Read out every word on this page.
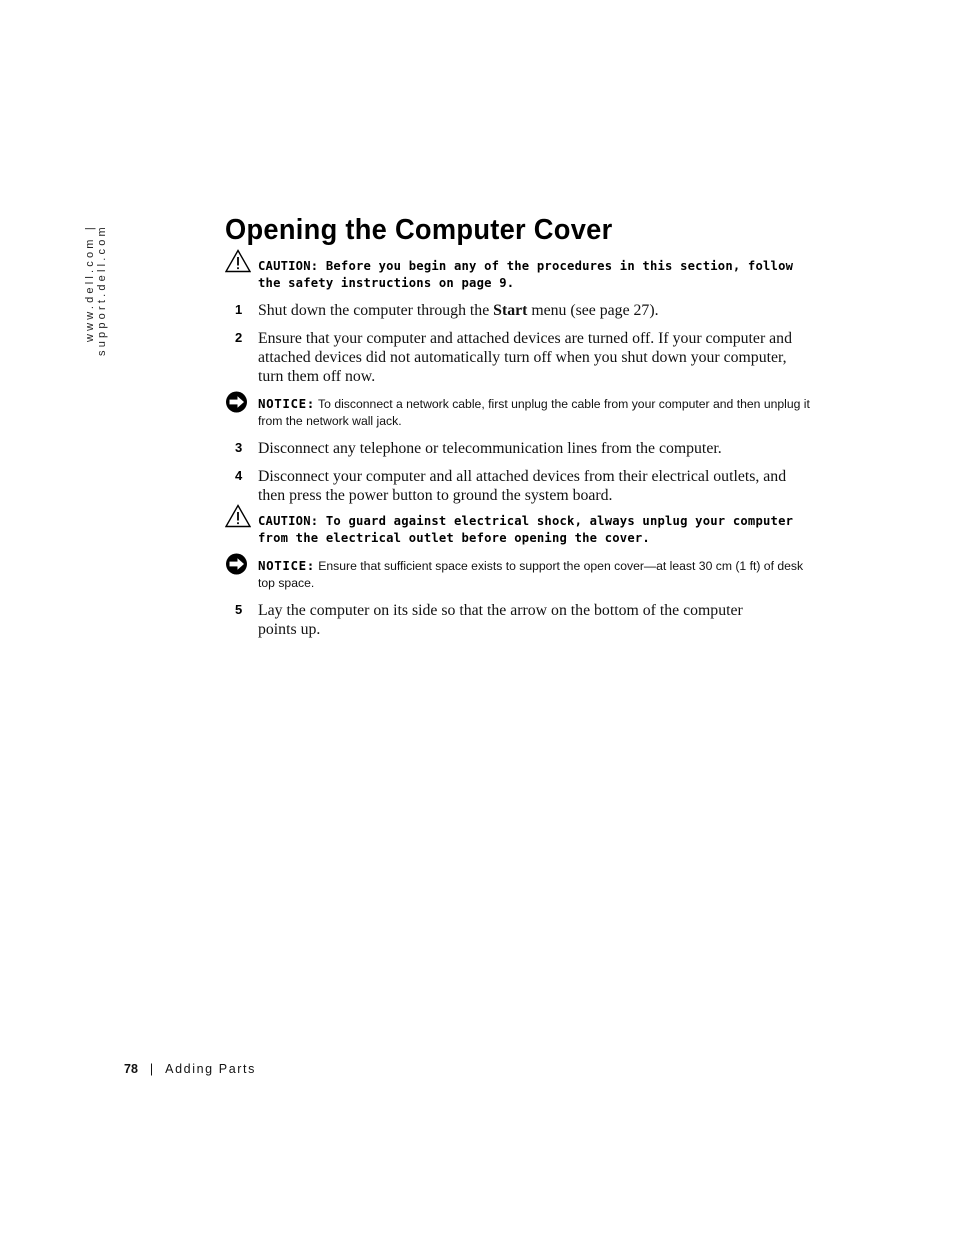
www.dell.com | support.dell.com	Opening the Computer Cover
CAUTION: Before you begin any of the procedures in this section, follow the safety instructions on page 9.
1 Shut down the computer through the Start menu (see page 27).
2 Ensure that your computer and attached devices are turned off. If your computer and attached devices did not automatically turn off when you shut down your computer, turn them off now.
NOTICE: To disconnect a network cable, first unplug the cable from your computer and then unplug it from the network wall jack.
3 Disconnect any telephone or telecommunication lines from the computer.
4 Disconnect your computer and all attached devices from their electrical outlets, and then press the power button to ground the system board.
CAUTION: To guard against electrical shock, always unplug your computer from the electrical outlet before opening the cover.
NOTICE: Ensure that sufficient space exists to support the open cover—at least 30 cm (1 ft) of desk top space.
5 Lay the computer on its side so that the arrow on the bottom of the computer points up.
78 | Adding Parts
